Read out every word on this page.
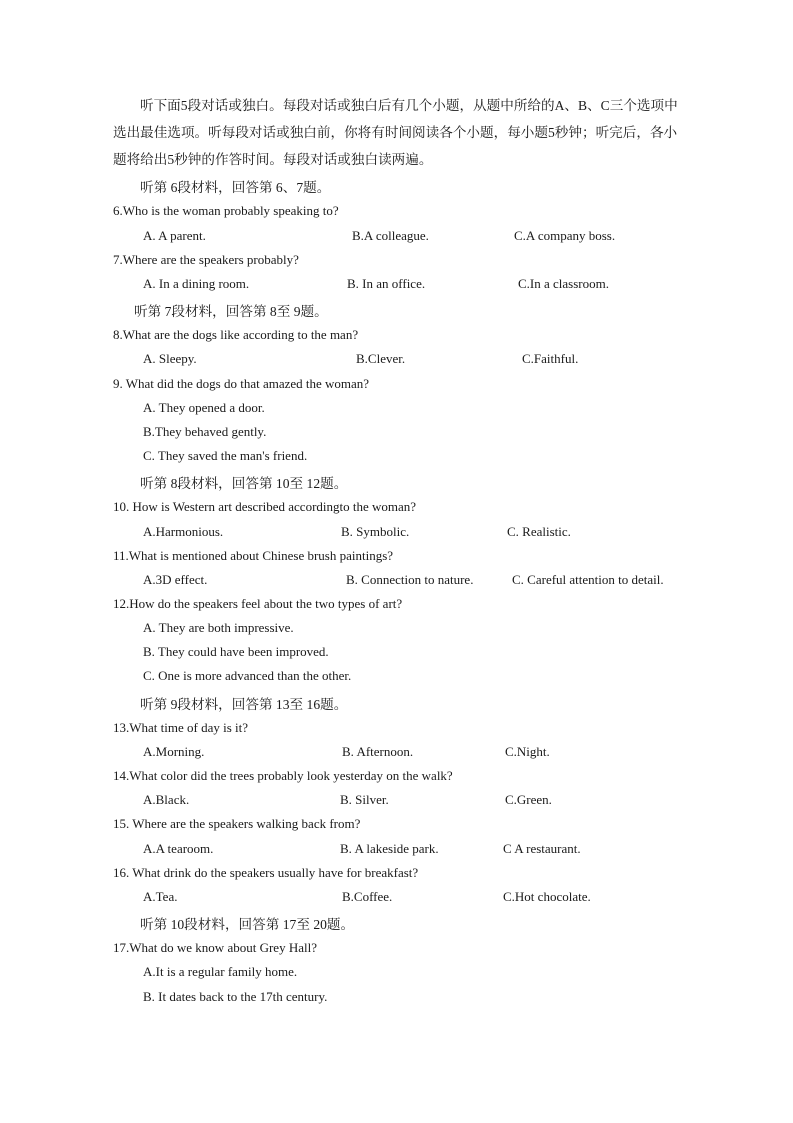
听下面5段对话或独白。每段对话或独白后有几个小题，从题中所给的A、B、C三个选项中选出最佳选项。听每段对话或独白前，你将有时间阅读各个小题，每小题5秒钟；听完后，各小题将给出5秒钟的作答时间。每段对话或独白读两遍。

听第 6段材料，回答第 6、7题。
6.Who is the woman probably speaking to?
A. A parent.	B.A colleague.	C.A company boss.
7.Where are the speakers probably?
A. In a dining room.	B. In an office.	C.In a classroom.
听第 7段材料，回答第 8至 9题。
8.What are the dogs like according to the man?
A. Sleepy.	B.Clever.	C.Faithful.
9. What did the dogs do that amazed the woman?
A. They opened a door.
B.They behaved gently.
C. They saved the man's friend.
听第 8段材料，回答第 10至 12题。
10. How is Western art described accordingto the woman?
A.Harmonious.	B. Symbolic.	C. Realistic.
11.What is mentioned about Chinese brush paintings?
A.3D effect.	B. Connection to nature.	C. Careful attention to detail.
12.How do the speakers feel about the two types of art?
A. They are both impressive.
B. They could have been improved.
C. One is more advanced than the other.
听第 9段材料，回答第 13至 16题。
13.What time of day is it?
A.Morning.	B. Afternoon.	C.Night.
14.What color did the trees probably look yesterday on the walk?
A.Black.	B. Silver.	C.Green.
15. Where are the speakers walking back from?
A.A tearoom.	B. A lakeside park.	C A restaurant.
16. What drink do the speakers usually have for breakfast?
A.Tea.	B.Coffee.	C.Hot chocolate.
听第 10段材料，回答第 17至 20题。
17.What do we know about Grey Hall?
A.It is a regular family home.
B. It dates back to the 17th century.
